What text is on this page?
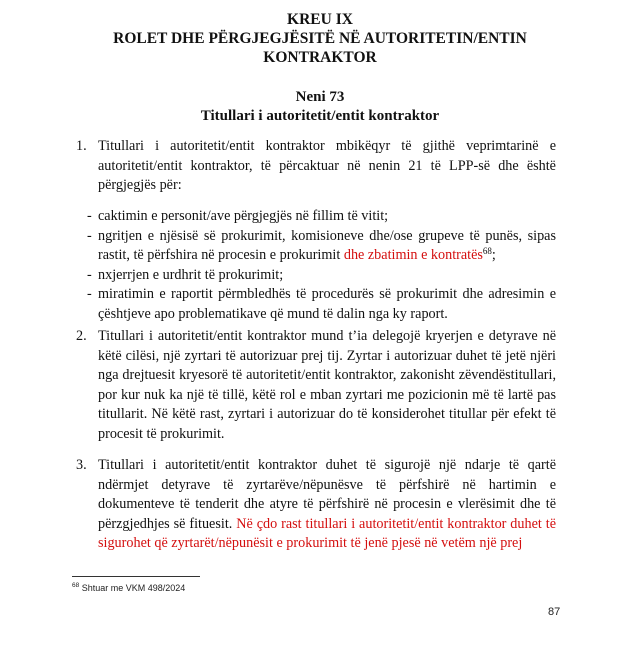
KREU IX
ROLET DHE PËRGJEGJËSITË NË AUTORITETIN/ENTIN
KONTRAKTOR
Neni 73
Titullari i autoritetit/entit kontraktor
1. Titullari i autoritetit/entit kontraktor mbikëqyr të gjithë veprimtarinë e autoritetit/entit kontraktor, të përcaktuar në nenin 21 të LPP-së dhe është përgjegjës për:
- caktimin e personit/ave përgjegjës në fillim të vitit;
- ngritjen e njësisë së prokurimit, komisioneve dhe/ose grupeve të punës, sipas rastit, të përfshira në procesin e prokurimit dhe zbatimin e kontratës$^{68}$;
- nxjerrjen e urdhrit të prokurimit;
- miratimin e raportit përmbledhës të procedurës së prokurimit dhe adresimin e çështjeve apo problematikave që mund të dalin nga ky raport.
2. Titullari i autoritetit/entit kontraktor mund t’ia delegojë kryerjen e detyrave në këtë cilësi, një zyrtari të autorizuar prej tij. Zyrtar i autorizuar duhet të jetë njëri nga drejtuesit kryesorë të autoritetit/entit kontraktor, zakonisht zëvendëstitullari, por kur nuk ka një të tillë, këtë rol e mban zyrtari me pozicionin më të lartë pas titullarit. Në këtë rast, zyrtari i autorizuar do të konsiderohet titullar për efekt të procesit të prokurimit.
3. Titullari i autoritetit/entit kontraktor duhet të sigurojë një ndarje të qartë ndërmjet detyrave të zyrtarëve/nëpunësve të përfshirë në hartimin e dokumenteve të tenderit dhe atyre të përfshirë në procesin e vlerësimit dhe të përzgjedhjes së fituesit. Në çdo rast titullari i autoritetit/entit kontraktor duhet të sigurohet që zyrtarët/nëpunësit e prokurimit të jenë pjesë në vetëm një prej
$^{68}$ Shtuar me VKM 498/2024
87
